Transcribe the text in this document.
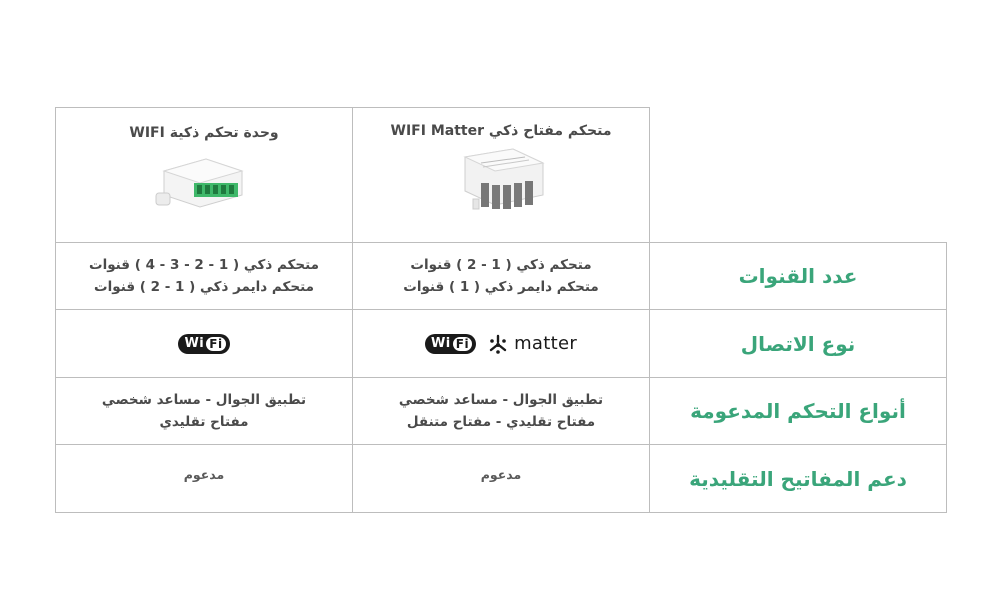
متحكم مفتاح ذكي WIFI Matter
وحدة تحكم ذكية WIFI
عدد القنوات
متحكم ذكي ( 1 - 2 ) قنوات
متحكم دايمر ذكي ( 1 ) قنوات
متحكم ذكي ( 1 - 2 - 3 - 4 ) قنوات
متحكم دايمر ذكي ( 1 - 2 ) قنوات
نوع الاتصال
Wi Fi	matter
Wi Fi
أنواع التحكم المدعومة
تطبيق الجوال - مساعد شخصي
مفتاح تقليدي - مفتاح متنقل
تطبيق الجوال - مساعد شخصي
مفتاح تقليدي
دعم المفاتيح التقليدية
مدعوم
مدعوم
